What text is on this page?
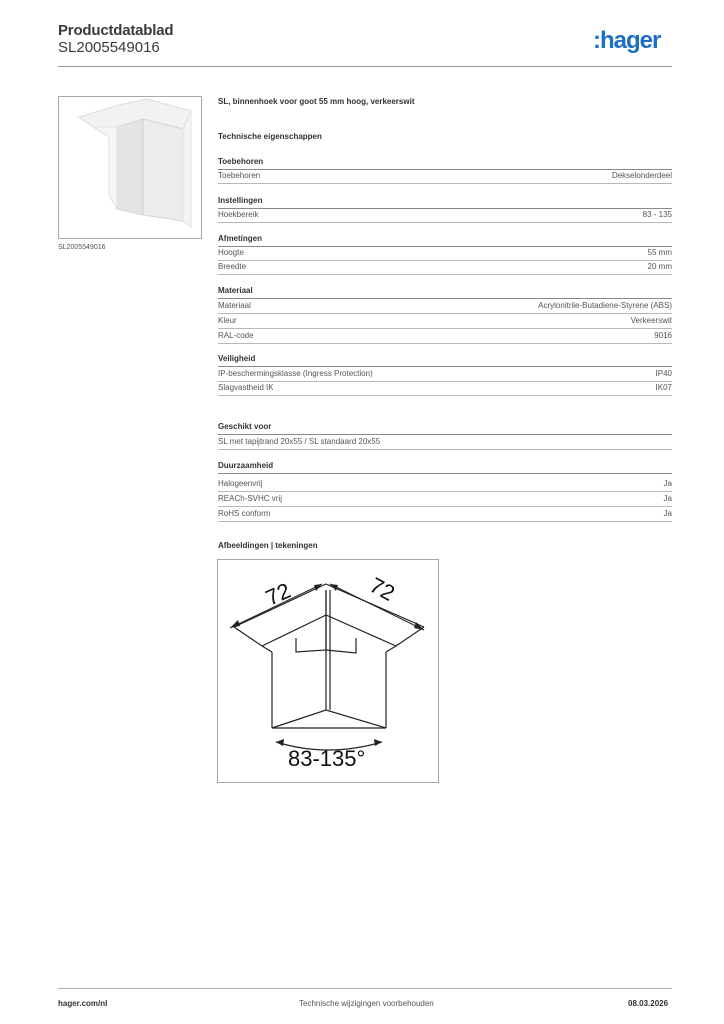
Productdatablad
SL2005549016	:hager
SL2005549016
SL, binnenhoek voor goot 55 mm hoog, verkeerswit
Technische eigenschappen
Toebehoren
Toebehoren	Dekselonderdeel
Instellingen
Hoekbereik	83 - 135
Afmetingen
Hoogte	55 mm
Breedte	20 mm
Materiaal
Materiaal	Acrylonitrile-Butadiene-Styrene (ABS)
Kleur	Verkeerswit
RAL-code	9016
Veiligheid
IP-beschermingsklasse (Ingress Protection)	IP40
Slagvastheid IK	IK07
Geschikt voor
SL met tapijtrand 20x55 / SL standaard 20x55
Duurzaamheid
Halogeenvrij	Ja
REACh-SVHC vrij	Ja
RoHS conform	Ja
Afbeeldingen | tekeningen
72	72
83-135°
hager.com/nl	Technische wijzigingen voorbehouden	08.03.2026
